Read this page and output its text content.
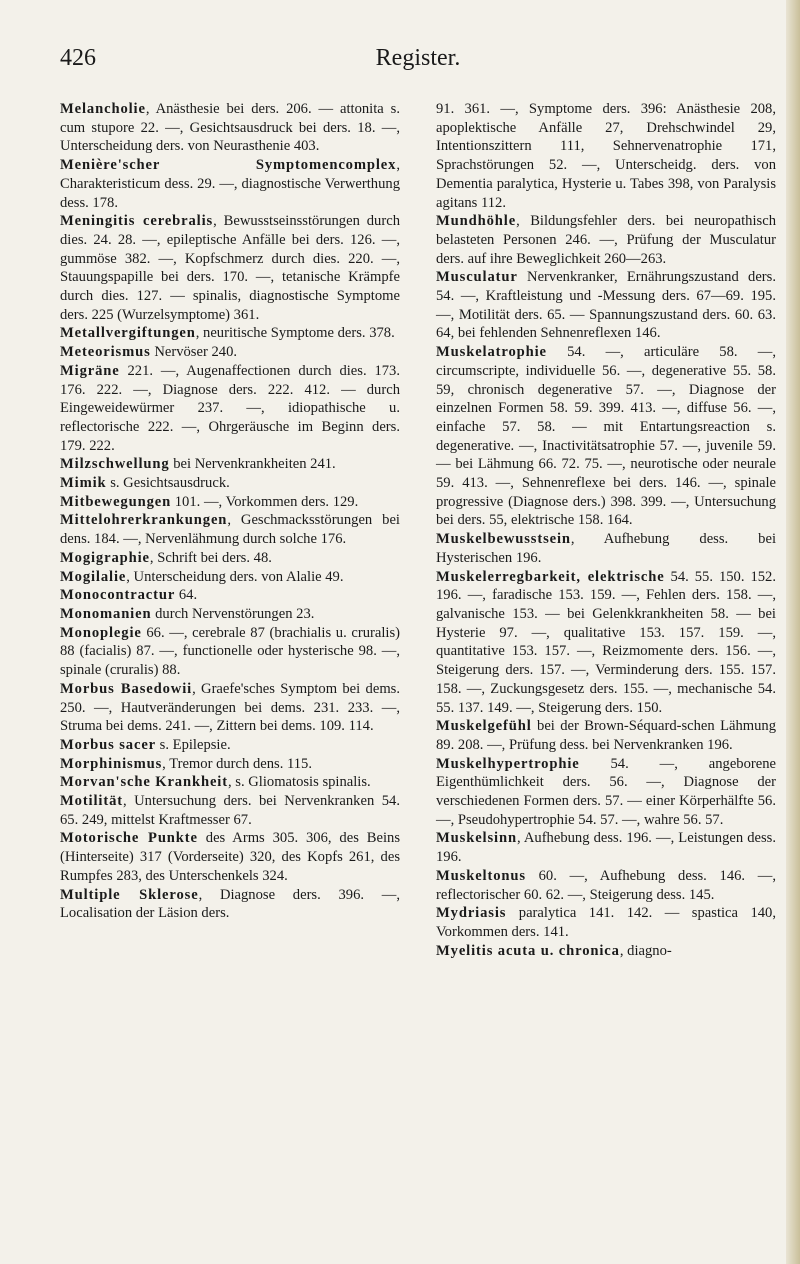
426	Register.

Melancholie, Anästhesie bei ders. 206. — attonita s. cum stupore 22. —, Gesichtsausdruck bei ders. 18. —, Unterscheidung ders. von Neurasthenie 403.

Menière'scher Symptomencomplex, Charakteristicum dess. 29. —, diagnostische Verwerthung dess. 178.

Meningitis cerebralis, Bewusstseinsstörungen durch dies. 24. 28. —, epileptische Anfälle bei ders. 126. —, gummöse 382. —, Kopfschmerz durch dies. 220. —, Stauungspapille bei ders. 170. —, tetanische Krämpfe durch dies. 127. — spinalis, diagnostische Symptome ders. 225 (Wurzelsymptome) 361.

Metallvergiftungen, neuritische Symptome ders. 378.

Meteorismus Nervöser 240.

Migräne 221. —, Augenaffectionen durch dies. 173. 176. 222. —, Diagnose ders. 222. 412. — durch Eingeweidewürmer 237. —, idiopathische u. reflectorische 222. —, Ohrgeräusche im Beginn ders. 179. 222.

Milzschwellung bei Nervenkrankheiten 241.

Mimik s. Gesichtsausdruck.

Mitbewegungen 101. —, Vorkommen ders. 129.

Mittelohrerkrankungen, Geschmacksstörungen bei dens. 184. —, Nervenlähmung durch solche 176.

Mogigraphie, Schrift bei ders. 48.

Mogilalie, Unterscheidung ders. von Alalie 49.

Monocontractur 64.

Monomanien durch Nervenstörungen 23.

Monoplegie 66. —, cerebrale 87 (brachialis u. cruralis) 88 (facialis) 87. —, functionelle oder hysterische 98. —, spinale (cruralis) 88.

Morbus Basedowii, Graefe'sches Symptom bei dems. 250. —, Hautveränderungen bei dems. 231. 233. —, Struma bei dems. 241. —, Zittern bei dems. 109. 114.

Morbus sacer s. Epilepsie.

Morphinismus, Tremor durch dens. 115.

Morvan'sche Krankheit, s. Gliomatosis spinalis.

Motilität, Untersuchung ders. bei Nervenkranken 54. 65. 249, mittelst Kraftmesser 67.

Motorische Punkte des Arms 305. 306, des Beins (Hinterseite) 317 (Vorderseite) 320, des Kopfs 261, des Rumpfes 283, des Unterschenkels 324.

Multiple Sklerose, Diagnose ders. 396. —, Localisation der Läsion ders.

91. 361. —, Symptome ders. 396: Anästhesie 208, apoplektische Anfälle 27, Drehschwindel 29, Intentionszittern 111, Sehnervenatrophie 171, Sprachstörungen 52. —, Unterscheidg. ders. von Dementia paralytica, Hysterie u. Tabes 398, von Paralysis agitans 112.

Mundhöhle, Bildungsfehler ders. bei neuropathisch belasteten Personen 246. —, Prüfung der Musculatur ders. auf ihre Beweglichkeit 260—263.

Musculatur Nervenkranker, Ernährungszustand ders. 54. —, Kraftleistung und -Messung ders. 67—69. 195. —, Motilität ders. 65. — Spannungszustand ders. 60. 63. 64, bei fehlenden Sehnenreflexen 146.

Muskelatrophie 54. —, articuläre 58. —, circumscripte, individuelle 56. —, degenerative 55. 58. 59, chronisch degenerative 57. —, Diagnose der einzelnen Formen 58. 59. 399. 413. —, diffuse 56. —, einfache 57. 58. — mit Entartungsreaction s. degenerative. —, Inactivitätsatrophie 57. —, juvenile 59. — bei Lähmung 66. 72. 75. —, neurotische oder neurale 59. 413. —, Sehnenreflexe bei ders. 146. —, spinale progressive (Diagnose ders.) 398. 399. —, Untersuchung bei ders. 55, elektrische 158. 164.

Muskelbewusstsein, Aufhebung dess. bei Hysterischen 196.

Muskelerregbarkeit, elektrische 54. 55. 150. 152. 196. —, faradische 153. 159. —, Fehlen ders. 158. —, galvanische 153. — bei Gelenkkrankheiten 58. — bei Hysterie 97. —, qualitative 153. 157. 159. —, quantitative 153. 157. —, Reizmomente ders. 156. —, Steigerung ders. 157. —, Verminderung ders. 155. 157. 158. —, Zuckungsgesetz ders. 155. —, mechanische 54. 55. 137. 149. —, Steigerung ders. 150.

Muskelgefühl bei der Brown-Séquard-schen Lähmung 89. 208. —, Prüfung dess. bei Nervenkranken 196.

Muskelhypertrophie 54. —, angeborene Eigenthümlichkeit ders. 56. —, Diagnose der verschiedenen Formen ders. 57. — einer Körperhälfte 56. —, Pseudohypertrophie 54. 57. —, wahre 56. 57.

Muskelsinn, Aufhebung dess. 196. —, Leistungen dess. 196.

Muskeltonus 60. —, Aufhebung dess. 146. —, reflectorischer 60. 62. —, Steigerung dess. 145.

Mydriasis paralytica 141. 142. — spastica 140, Vorkommen ders. 141.

Myelitis acuta u. chronica, diagno-
